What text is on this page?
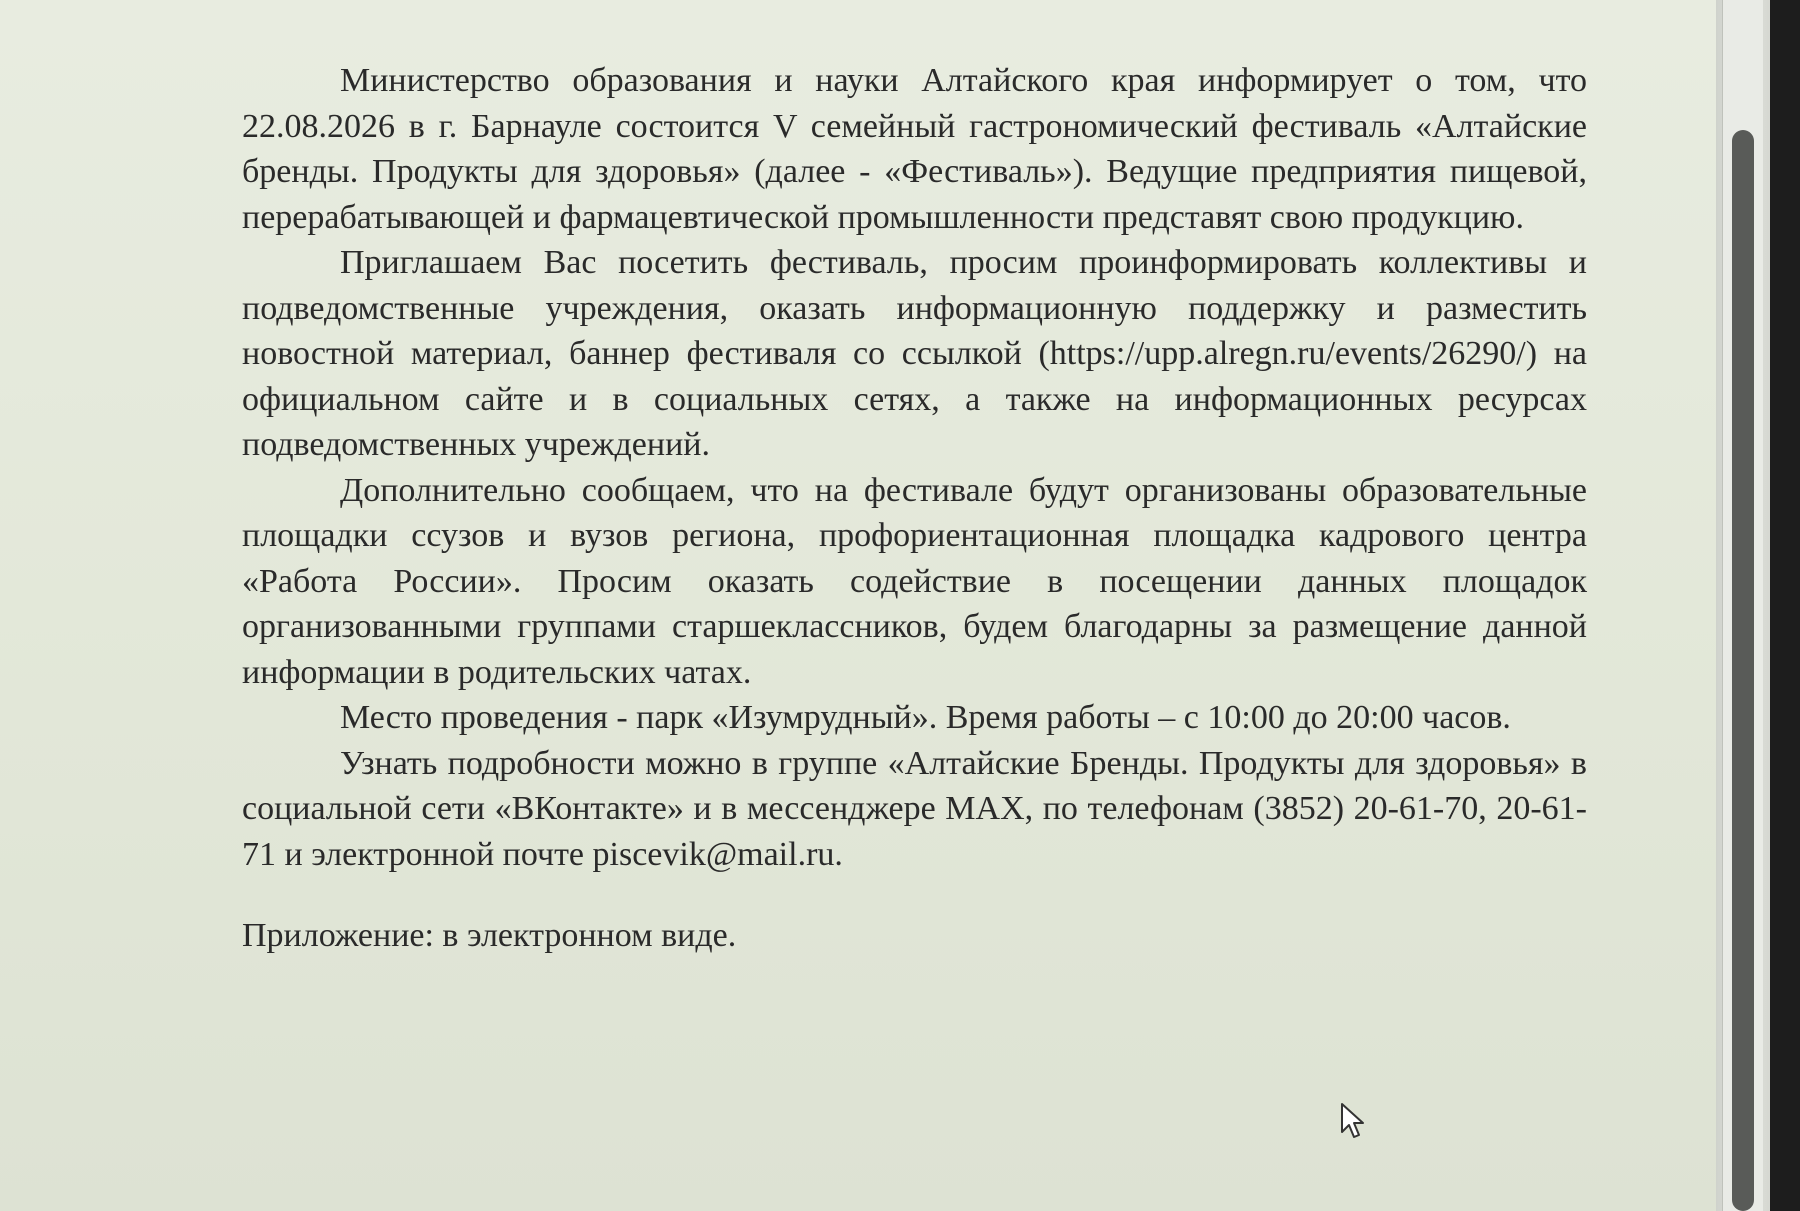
Министерство образования и науки Алтайского края информирует о том, что 22.08.2026 в г. Барнауле состоится V семейный гастрономический фестиваль «Алтайские бренды. Продукты для здоровья» (далее - «Фестиваль»). Ведущие предприятия пищевой, перерабатывающей и фармацевтической промышленности представят свою продукцию.

Приглашаем Вас посетить фестиваль, просим проинформировать коллективы и подведомственные учреждения, оказать информационную поддержку и разместить новостной материал, баннер фестиваля со ссылкой (https://upp.alregn.ru/events/26290/) на официальном сайте и в социальных сетях, а также на информационных ресурсах подведомственных учреждений.

Дополнительно сообщаем, что на фестивале будут организованы образовательные площадки ссузов и вузов региона, профориентационная площадка кадрового центра «Работа России». Просим оказать содействие в посещении данных площадок организованными группами старшеклассников, будем благодарны за размещение данной информации в родительских чатах.

Место проведения - парк «Изумрудный». Время работы – с 10:00 до 20:00 часов.

Узнать подробности можно в группе «Алтайские Бренды. Продукты для здоровья» в социальной сети «ВКонтакте» и в мессенджере MAX, по телефонам (3852) 20-61-70, 20-61-71 и электронной почте piscevik@mail.ru.

Приложение: в электронном виде.
